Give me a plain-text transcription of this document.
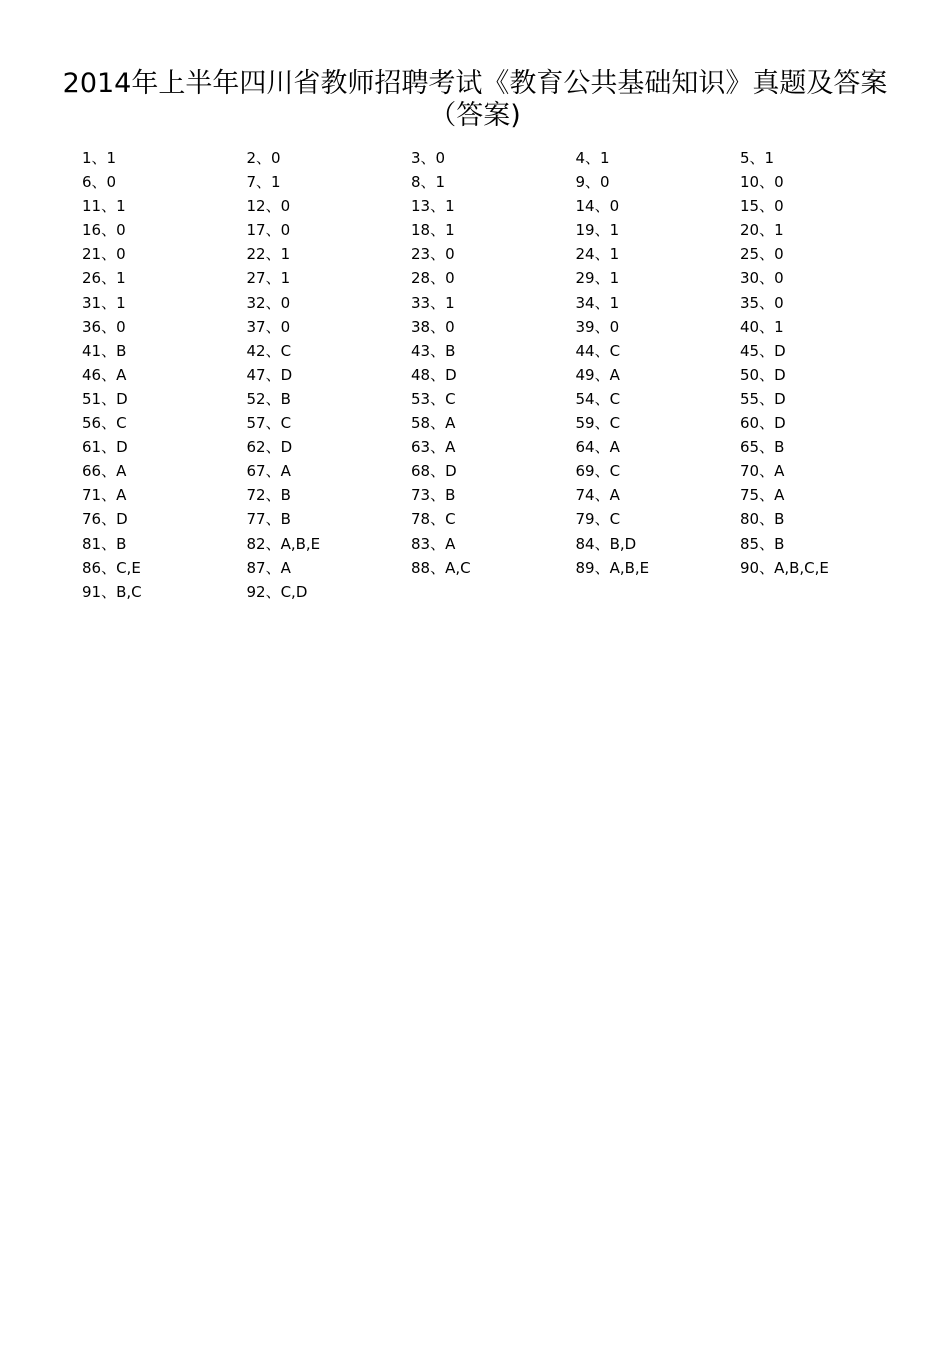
2014年上半年四川省教师招聘考试《教育公共基础知识》真题及答案（答案)
1、1	2、0	3、0	4、1	5、1
6、0	7、1	8、1	9、0	10、0
11、1	12、0	13、1	14、0	15、0
16、0	17、0	18、1	19、1	20、1
21、0	22、1	23、0	24、1	25、0
26、1	27、1	28、0	29、1	30、0
31、1	32、0	33、1	34、1	35、0
36、0	37、0	38、0	39、0	40、1
41、B	42、C	43、B	44、C	45、D
46、A	47、D	48、D	49、A	50、D
51、D	52、B	53、C	54、C	55、D
56、C	57、C	58、A	59、C	60、D
61、D	62、D	63、A	64、A	65、B
66、A	67、A	68、D	69、C	70、A
71、A	72、B	73、B	74、A	75、A
76、D	77、B	78、C	79、C	80、B
81、B	82、A,B,E	83、A	84、B,D	85、B
86、C,E	87、A	88、A,C	89、A,B,E	90、A,B,C,E
91、B,C	92、C,D
